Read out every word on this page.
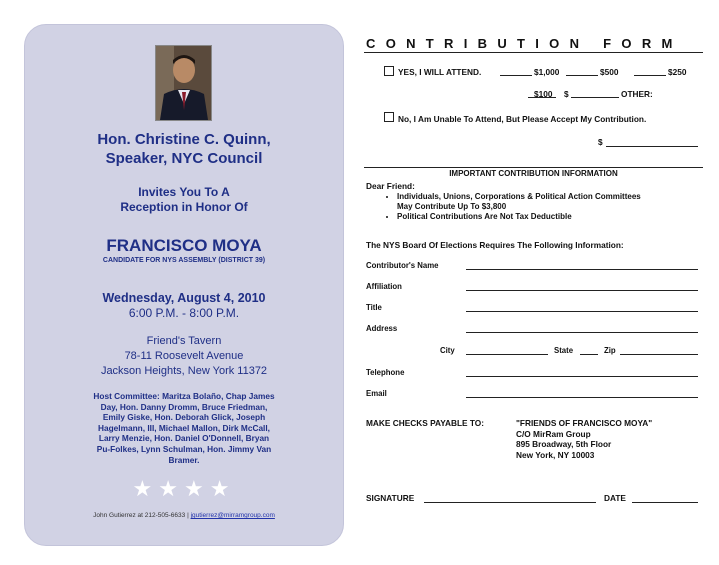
Hon. Christine C. Quinn,
Speaker, NYC Council
Invites You To A
Reception in Honor Of
FRANCISCO MOYA
CANDIDATE FOR NYS ASSEMBLY (DISTRICT 39)
Wednesday, August 4, 2010
6:00 P.M. - 8:00 P.M.
Friend's Tavern
78-11 Roosevelt Avenue
Jackson Heights, New York 11372
Host Committee: Maritza Bolaño, Chap James Day, Hon. Danny Dromm, Bruce Friedman, Emily Giske, Hon. Deborah Glick, Joseph Hagelmann, III, Michael Mallon, Dirk McCall, Larry Menzie, Hon. Daniel O'Donnell, Bryan Pu-Folkes, Lynn Schulman, Hon. Jimmy Van Bramer.
★★★★
John Gutierrez at 212-505-6633 | jgutierrez@mirramgroup.com
CONTRIBUTION FORM
YES, I WILL ATTEND.	$1,000	$500	$250
$100 $	OTHER:
No, I Am Unable To Attend, But Please Accept My Contribution.
$
IMPORTANT CONTRIBUTION INFORMATION
Dear Friend:
• Individuals, Unions, Corporations & Political Action Committees
May Contribute Up To $3,800
• Political Contributions Are Not Tax Deductible
The NYS Board Of Elections Requires The Following Information:
Contributor's Name
Affiliation
Title
Address
City	State	Zip
Telephone
Email
MAKE CHECKS PAYABLE TO:	"FRIENDS OF FRANCISCO MOYA"
C/O MirRam Group
895 Broadway, 5th Floor
New York, NY 10003
SIGNATURE	DATE
